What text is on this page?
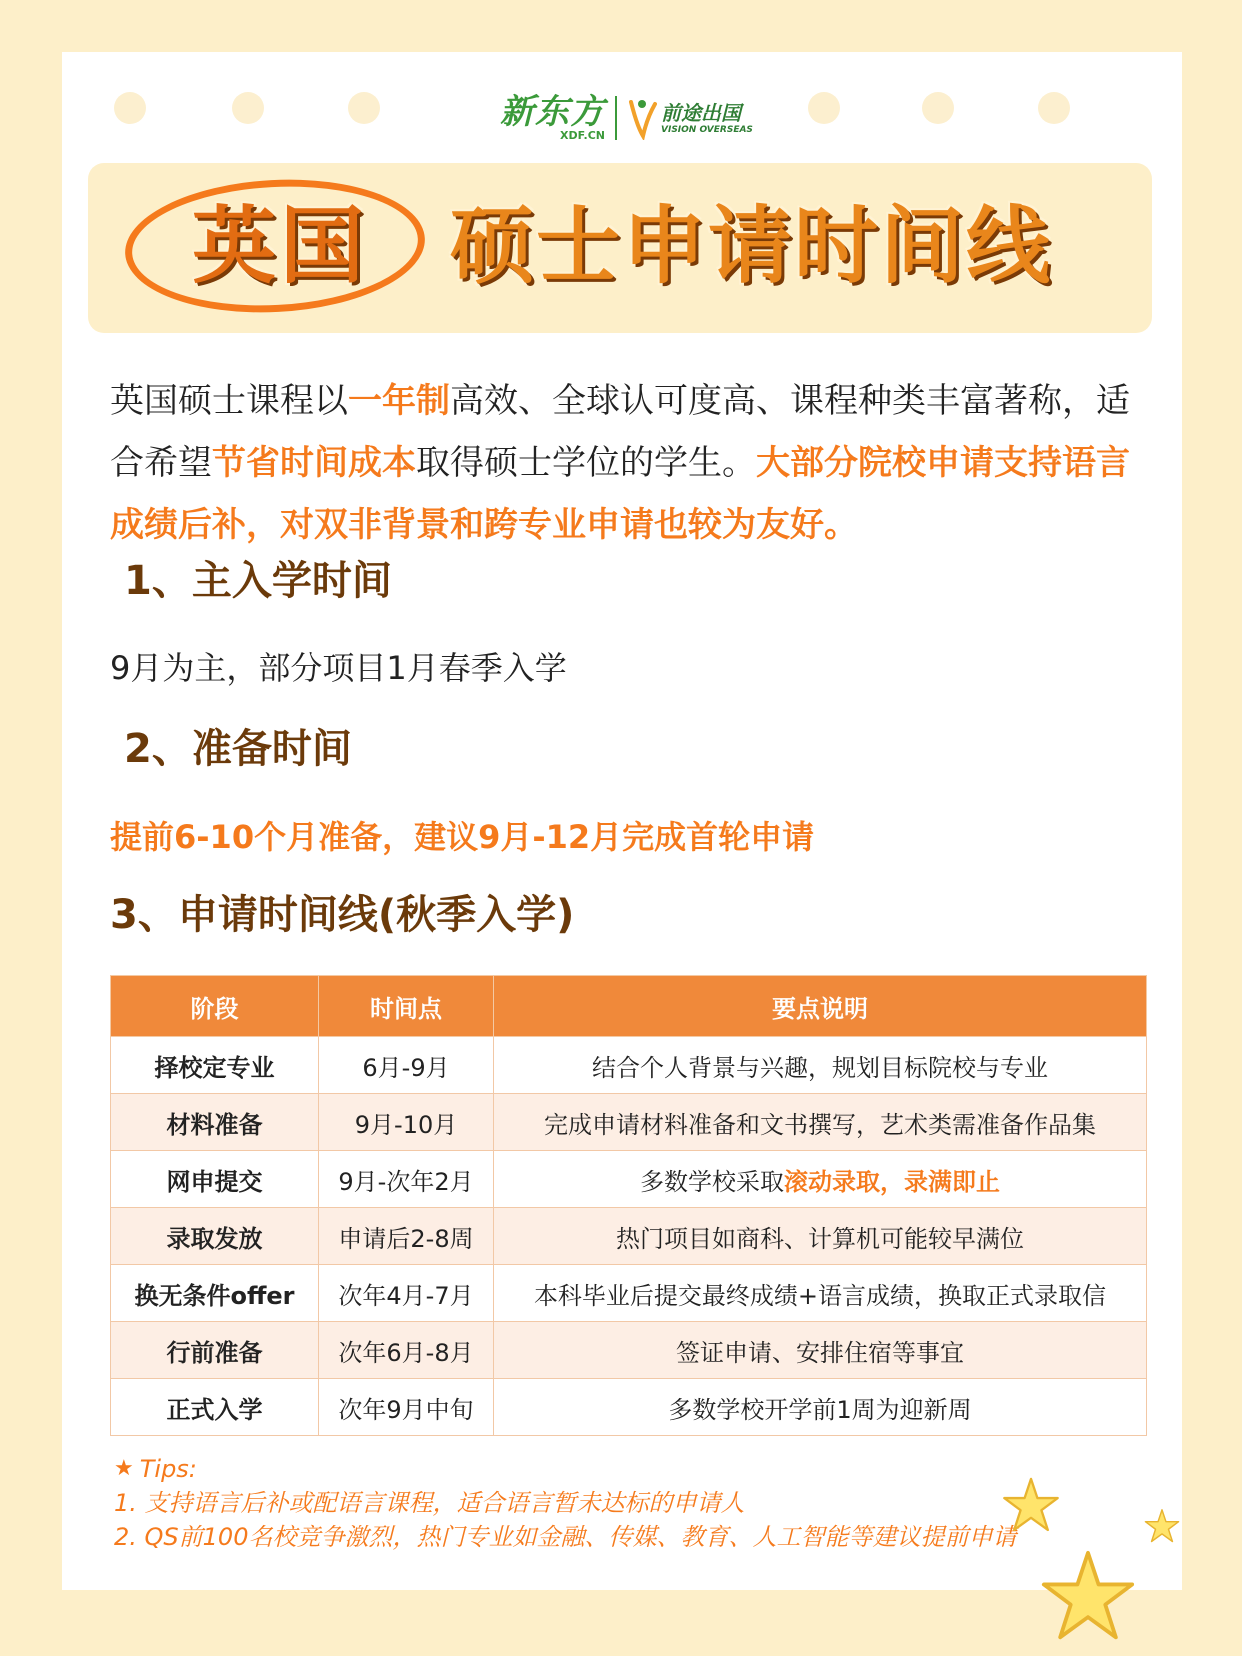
新东方
XDF.CN
前途出国
VISION OVERSEAS
英国 硕士申请时间线
英国硕士课程以一年制高效、全球认可度高、课程种类丰富著称，适合希望节省时间成本取得硕士学位的学生。大部分院校申请支持语言成绩后补，对双非背景和跨专业申请也较为友好。
1、主入学时间
9月为主，部分项目1月春季入学
2、准备时间
提前6-10个月准备，建议9月-12月完成首轮申请
3、申请时间线(秋季入学)
阶段	时间点	要点说明
择校定专业	6月-9月	结合个人背景与兴趣，规划目标院校与专业
材料准备	9月-10月	完成申请材料准备和文书撰写，艺术类需准备作品集
网申提交	9月-次年2月	多数学校采取滚动录取，录满即止
录取发放	申请后2-8周	热门项目如商科、计算机可能较早满位
换无条件offer	次年4月-7月	本科毕业后提交最终成绩+语言成绩，换取正式录取信
行前准备	次年6月-8月	签证申请、安排住宿等事宜
正式入学	次年9月中旬	多数学校开学前1周为迎新周
★ Tips:
1. 支持语言后补或配语言课程，适合语言暂未达标的申请人
2. QS前100名校竞争激烈，热门专业如金融、传媒、教育、人工智能等建议提前申请
